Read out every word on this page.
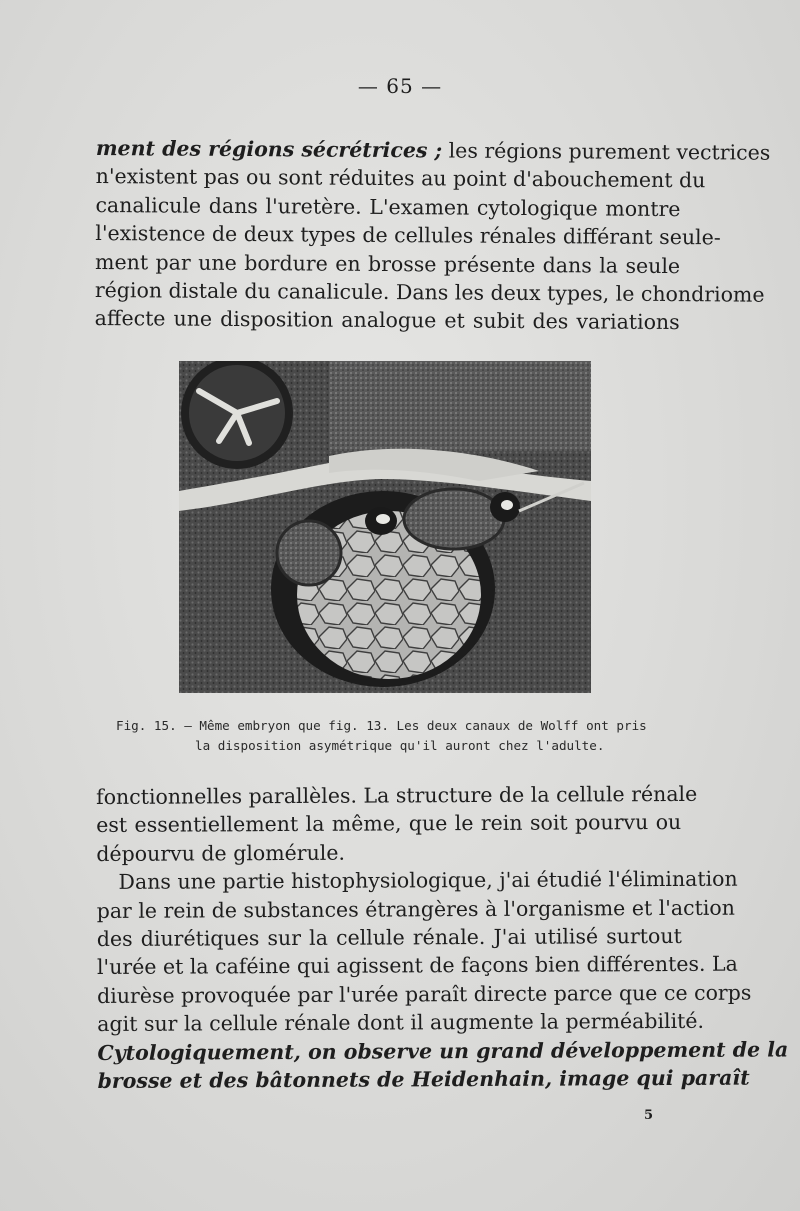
— 65 —

ment des régions sécrétrices ; les régions purement vectrices
n'existent pas ou sont réduites au point d'abouchement du
canalicule dans l'uretère. L'examen cytologique montre
l'existence de deux types de cellules rénales différant seule-
ment par une bordure en brosse présente dans la seule
région distale du canalicule. Dans les deux types, le chondriome
affecte une disposition analogue et subit des variations

Fig. 15. — Même embryon que fig. 13. Les deux canaux de Wolff ont pris
la disposition asymétrique qu'il auront chez l'adulte.

fonctionnelles parallèles. La structure de la cellule rénale
est essentiellement la même, que le rein soit pourvu ou
dépourvu de glomérule.
Dans une partie histophysiologique, j'ai étudié l'élimination
par le rein de substances étrangères à l'organisme et l'action
des diurétiques sur la cellule rénale. J'ai utilisé surtout
l'urée et la caféine qui agissent de façons bien différentes. La
diurèse provoquée par l'urée paraît directe parce que ce corps
agit sur la cellule rénale dont il augmente la perméabilité.
Cytologiquement, on observe un grand développement de la
brosse et des bâtonnets de Heidenhain, image qui paraît

5
